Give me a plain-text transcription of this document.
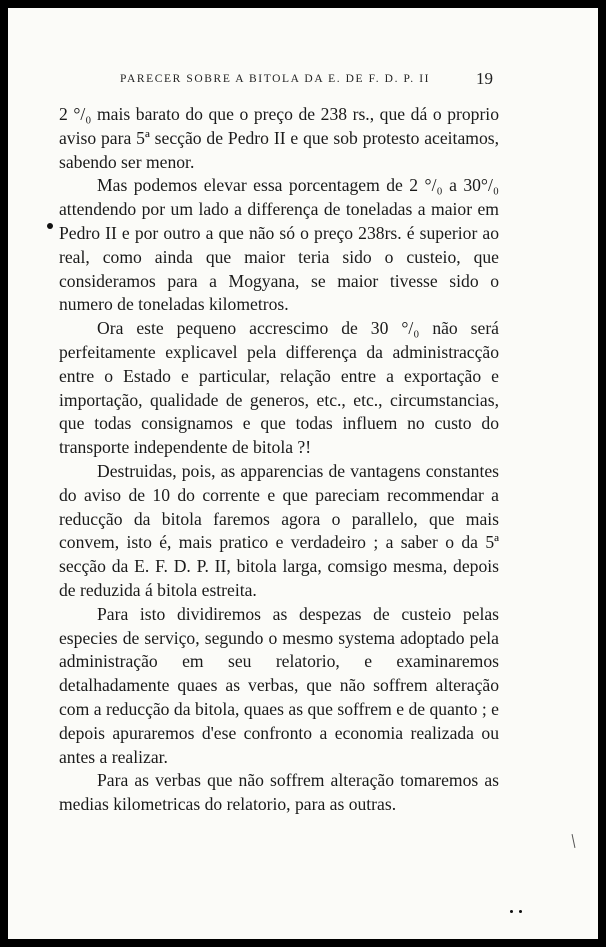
PARECER SOBRE A BITOLA DA E. DE F. D. P. II	19

2 °/₀ mais barato do que o preço de 238 rs., que dá o proprio aviso para 5ª secção de Pedro II e que sob protesto aceitamos, sabendo ser menor.

Mas podemos elevar essa porcentagem de 2 °/₀ a 30°/₀ attendendo por um lado a differença de toneladas a maior em Pedro II e por outro a que não só o preço 238rs. é superior ao real, como ainda que maior teria sido o custeio, que consideramos para a Mogyana, se maior tivesse sido o numero de toneladas kilometros.

Ora este pequeno accrescimo de 30 °/₀ não será perfeitamente explicavel pela differença da administracção entre o Estado e particular, relação entre a exportação e importação, qualidade de generos, etc., etc., circumstancias, que todas consignamos e que todas influem no custo do transporte independente de bitola ?!

Destruidas, pois, as apparencias de vantagens constantes do aviso de 10 do corrente e que pareciam recommendar a reducção da bitola faremos agora o parallelo, que mais convem, isto é, mais pratico e verdadeiro ; a saber o da 5ª secção da E. F. D. P. II, bitola larga, comsigo mesma, depois de reduzida á bitola estreita.

Para isto dividiremos as despezas de custeio pelas especies de serviço, segundo o mesmo systema adoptado pela administração em seu relatorio, e examinaremos detalhadamente quaes as verbas, que não soffrem alteração com a reducção da bitola, quaes as que soffrem e de quanto ; e depois apuraremos d'ese confronto a economia realizada ou antes a realizar.

Para as verbas que não soffrem alteração tomaremos as medias kilometricas do relatorio, para as outras.
